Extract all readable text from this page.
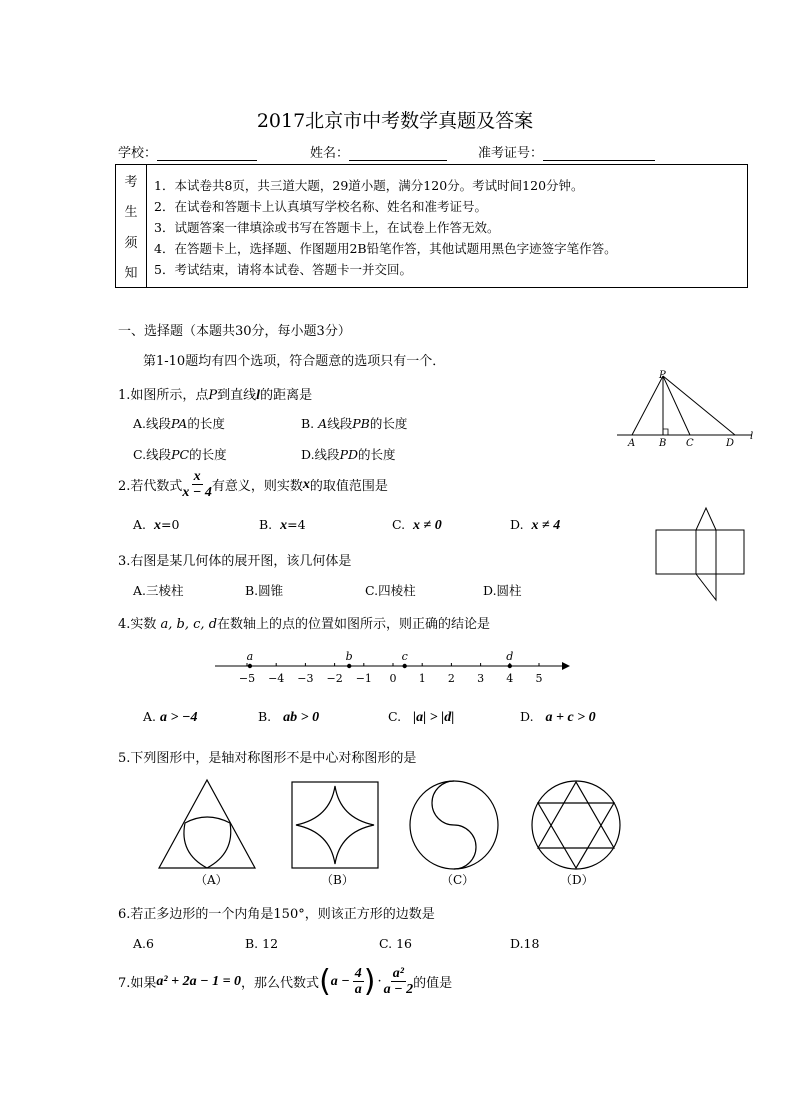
2017北京市中考数学真题及答案
学校：	姓名：	准考证号：
考
生
须
知
1．本试卷共8页，共三道大题，29道小题，满分120分。考试时间120分钟。
2．在试卷和答题卡上认真填写学校名称、姓名和准考证号。
3．试题答案一律填涂或书写在答题卡上，在试卷上作答无效。
4．在答题卡上，选择题、作图题用2B铅笔作答，其他试题用黑色字迹签字笔作答。
5．考试结束，请将本试卷、答题卡一并交回。
一、选择题（本题共30分，每小题3分）
第1-10题均有四个选项，符合题意的选项只有一个．
1.如图所示，点P到直线l的距离是
A.线段PA的长度	B. A线段PB的长度
C.线段PC的长度	D.线段PD的长度
P
A B C	D
l
2.若代数式 $\frac{x}{x - 4}$ 有意义，则实数 x 的取值范围是
A. x=0	B. x=4	C. x ≠ 0	D. x ≠ 4
3.右图是某几何体的展开图，该几何体是
A.三棱柱	B.圆锥	C.四棱柱	D.圆柱
4.实数 a, b, c, d在数轴上的点的位置如图所示，则正确的结论是
−5 −4 −3 −2 −1 0 1 2 3 4 5
a	b	c	d
A. a > −4	B. ab > 0	C. |a| > |d|	D. a + c > 0
5.下列图形中，是轴对称图形不是中心对称图形的是
（A）	（B）	（C）	（D）
6.若正多边形的一个内角是150°，则该正方形的边数是
A.6	B. 12	C. 16	D.18
7.如果 a² + 2a − 1 = 0 ，那么代数式 ( $a - \frac{4}{a}$ ) · $\frac{\text{a²}}{a - 2}$ 的值是
